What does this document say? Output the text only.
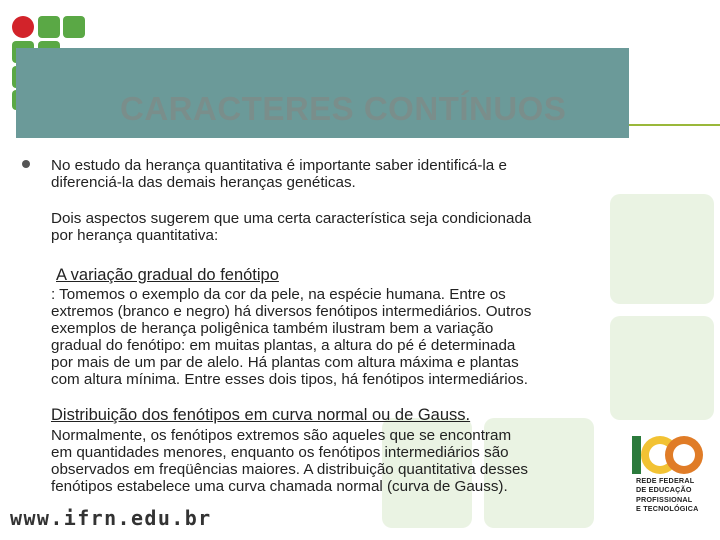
CARACTERES CONTÍNUOS
No estudo da herança quantitativa é importante saber identificá-la e
diferenciá-la das demais heranças genéticas.
Dois aspectos sugerem que uma certa característica seja condicionada
por herança quantitativa:
A variação gradual do fenótipo
: Tomemos o exemplo da cor da pele, na espécie humana. Entre os
extremos (branco e negro) há diversos fenótipos intermediários. Outros
exemplos de herança poligênica também ilustram bem a variação
gradual do fenótipo: em muitas plantas, a altura do pé é determinada
por mais de um par de alelo. Há plantas com altura máxima e plantas
com altura mínima. Entre esses dois tipos, há fenótipos intermediários.
Distribuição dos fenótipos em curva normal ou de Gauss.
Normalmente, os fenótipos extremos são aqueles que se encontram
em quantidades menores, enquanto os fenótipos intermediários são
observados em freqüências maiores. A distribuição quantitativa desses
fenótipos estabelece uma curva chamada normal (curva de Gauss).
www.ifrn.edu.br
100
REDE FEDERAL
DE EDUCAÇÃO
PROFISSIONAL
E TECNOLÓGICA
